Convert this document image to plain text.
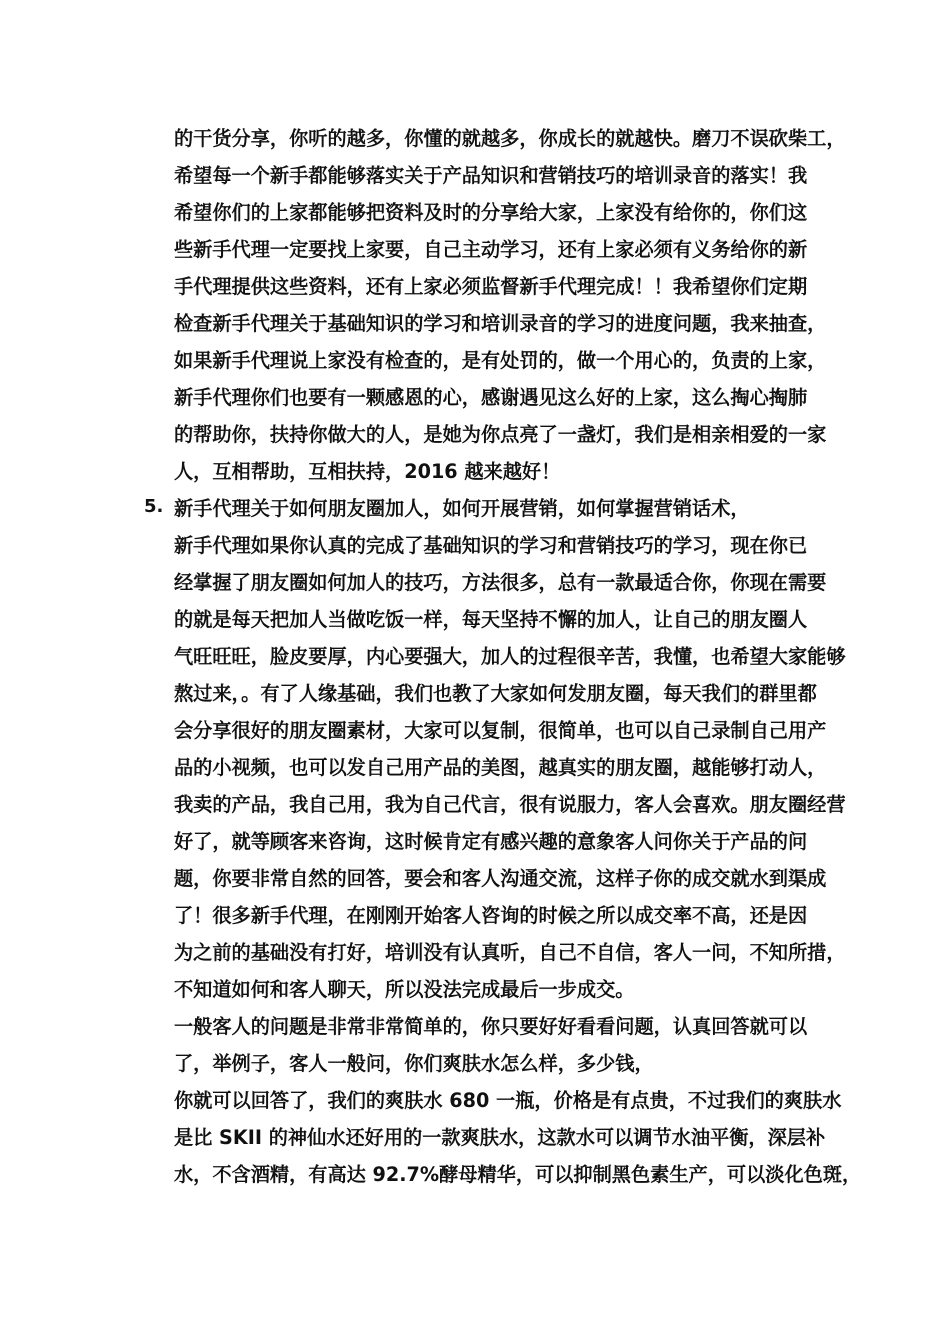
的干货分享，你听的越多，你懂的就越多，你成长的就越快。磨刀不误砍柴工，
希望每一个新手都能够落实关于产品知识和营销技巧的培训录音的落实！我
希望你们的上家都能够把资料及时的分享给大家，上家没有给你的，你们这
些新手代理一定要找上家要，自己主动学习，还有上家必须有义务给你的新
手代理提供这些资料，还有上家必须监督新手代理完成！！我希望你们定期
检查新手代理关于基础知识的学习和培训录音的学习的进度问题，我来抽查，
如果新手代理说上家没有检查的，是有处罚的，做一个用心的，负责的上家，
新手代理你们也要有一颗感恩的心，感谢遇见这么好的上家，这么掏心掏肺
的帮助你，扶持你做大的人，是她为你点亮了一盏灯，我们是相亲相爱的一家
人，互相帮助，互相扶持，2016 越来越好！
5. 新手代理关于如何朋友圈加人，如何开展营销，如何掌握营销话术，
新手代理如果你认真的完成了基础知识的学习和营销技巧的学习，现在你已
经掌握了朋友圈如何加人的技巧，方法很多，总有一款最适合你，你现在需要
的就是每天把加人当做吃饭一样，每天坚持不懈的加人，让自己的朋友圈人
气旺旺旺，脸皮要厚，内心要强大，加人的过程很辛苦，我懂，也希望大家能够
熬过来，。有了人缘基础，我们也教了大家如何发朋友圈，每天我们的群里都
会分享很好的朋友圈素材，大家可以复制，很简单，也可以自己录制自己用产
品的小视频，也可以发自己用产品的美图，越真实的朋友圈，越能够打动人，
我卖的产品，我自己用，我为自己代言，很有说服力，客人会喜欢。朋友圈经营
好了，就等顾客来咨询，这时候肯定有感兴趣的意象客人问你关于产品的问
题，你要非常自然的回答，要会和客人沟通交流，这样子你的成交就水到渠成
了！很多新手代理，在刚刚开始客人咨询的时候之所以成交率不高，还是因
为之前的基础没有打好，培训没有认真听，自己不自信，客人一问，不知所措，
不知道如何和客人聊天，所以没法完成最后一步成交。
一般客人的问题是非常非常简单的，你只要好好看看问题，认真回答就可以
了，举例子，客人一般问，你们爽肤水怎么样，多少钱，
你就可以回答了，我们的爽肤水 680 一瓶，价格是有点贵，不过我们的爽肤水
是比 SKII 的神仙水还好用的一款爽肤水，这款水可以调节水油平衡，深层补
水，不含酒精，有高达 92.7%酵母精华，可以抑制黑色素生产，可以淡化色斑，
